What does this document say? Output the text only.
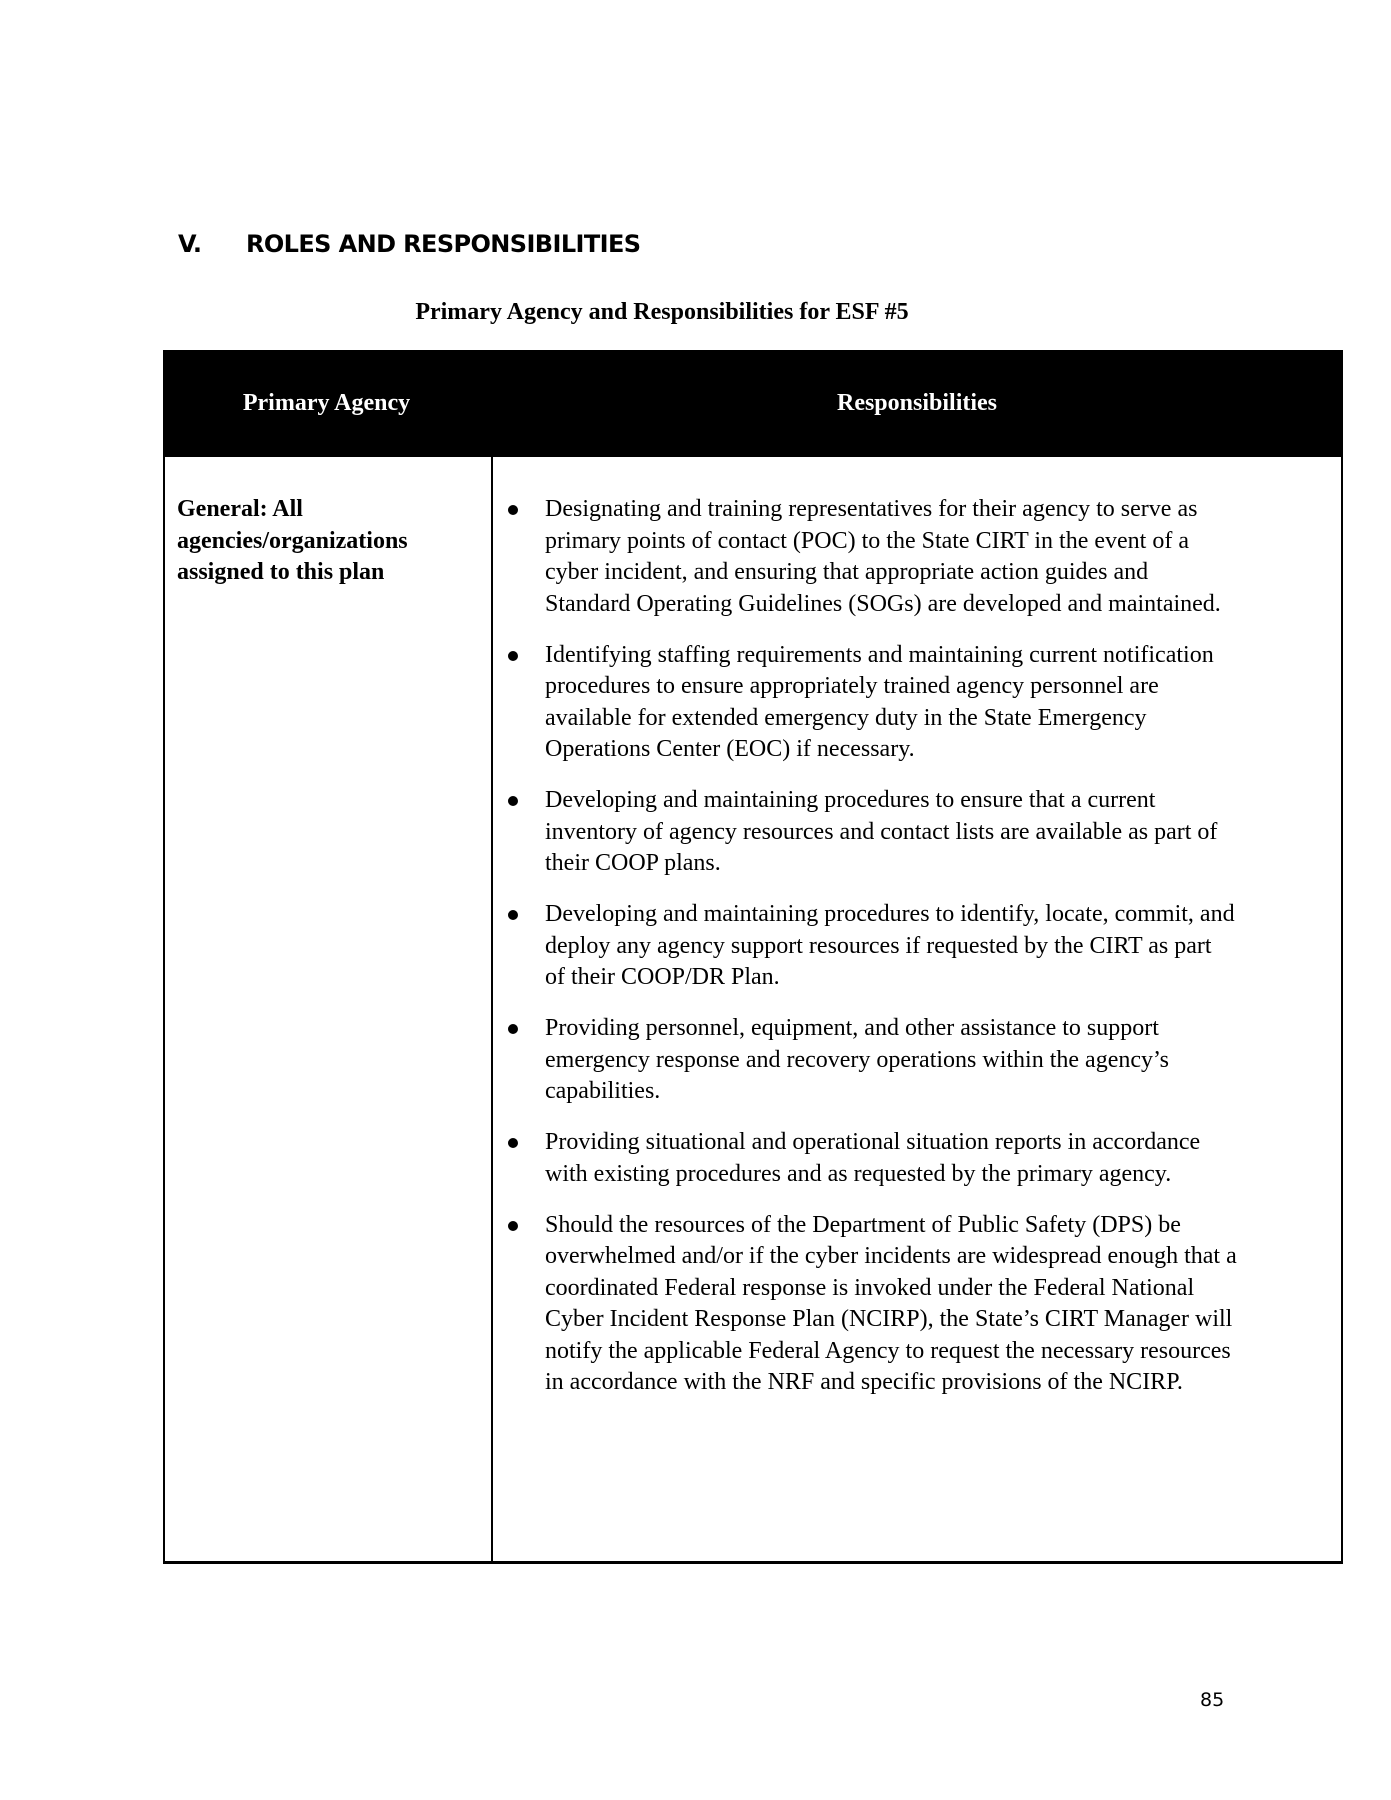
V. ROLES AND RESPONSIBILITIES
Primary Agency and Responsibilities for ESF #5
Primary Agency	Responsibilities
General: All
agencies/organizations
assigned to this plan
Designating and training representatives for their agency to serve as
primary points of contact (POC) to the State CIRT in the event of a
cyber incident, and ensuring that appropriate action guides and
Standard Operating Guidelines (SOGs) are developed and maintained.
Identifying staffing requirements and maintaining current notification
procedures to ensure appropriately trained agency personnel are
available for extended emergency duty in the State Emergency
Operations Center (EOC) if necessary.
Developing and maintaining procedures to ensure that a current
inventory of agency resources and contact lists are available as part of
their COOP plans.
Developing and maintaining procedures to identify, locate, commit, and
deploy any agency support resources if requested by the CIRT as part
of their COOP/DR Plan.
Providing personnel, equipment, and other assistance to support
emergency response and recovery operations within the agency’s
capabilities.
Providing situational and operational situation reports in accordance
with existing procedures and as requested by the primary agency.
Should the resources of the Department of Public Safety (DPS) be
overwhelmed and/or if the cyber incidents are widespread enough that a
coordinated Federal response is invoked under the Federal National
Cyber Incident Response Plan (NCIRP), the State’s CIRT Manager will
notify the applicable Federal Agency to request the necessary resources
in accordance with the NRF and specific provisions of the NCIRP.
85
